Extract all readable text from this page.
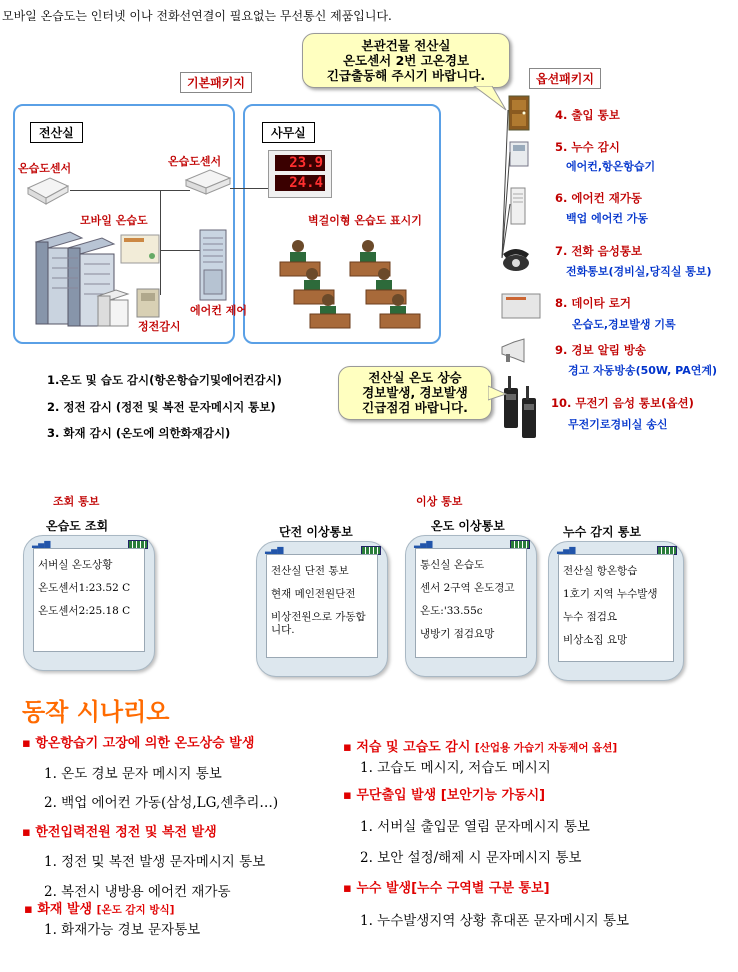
모바일 온습도는 인터넷 이나 전화선연결이 필요없는 무선통신 제품입니다.
기본패키지	옵션패키지
전산실
온습도센서
온습도센서
모바일 온습도
정전감시
에어컨 제어
사무실
23.9
24.4
벽걸이형 온습도 표시기
본관건물 전산실
온도센서 2번 고온경보
긴급출동해 주시기 바랍니다.
4. 출입 통보
5. 누수 감시
에어컨,항온항습기
6. 에어컨 재가동
백업 에어컨 가동
7. 전화 음성통보
전화통보(경비실,당직실 통보)
8. 데이타 로거
온습도,경보발생 기록
9. 경보 알림 방송
경고 자동방송(50W, PA연계)
10. 무전기 음성 통보(옵션)
무전기로경비실 송신
1.온도 및 습도 감시(항온항습기및에어컨감시)
2. 정전 감시 (정전 및 복전 문자메시지 통보)
3. 화재 감시 (온도에 의한화재감시)
전산실 온도 상승
경보발생, 경보발생
긴급점검 바랍니다.
조회 통보	이상 통보
온습도 조회
▂▄▆
서버실 온도상황
온도센서1:23.52 C
온도센서2:25.18 C
단전 이상통보
▂▄▆
전산실 단전 통보
현재 메인전원단전
비상전원으로 가동합니다.
온도 이상통보
▂▄▆
통신실 온습도
센서 2구역 온도경고
온도:'33.55c
냉방기 점검요망
누수 감지 통보
▂▄▆
전산실 항온항습
1호기 지역 누수발생
누수 점검요
비상소집 요망
동작 시나리오
▪ 항온항습기 고장에 의한 온도상승 발생
1. 온도 경보 문자 메시지 통보
2. 백업 에어컨 가동(삼성,LG,센추리…)
▪ 한전입력전원 정전 및 복전 발생
1. 정전 및 복전 발생 문자메시지 통보
2. 복전시 냉방용 에어컨 재가동
▪ 화재 발생 [온도 감지 방식]
1. 화재가능 경보 문자통보
▪ 저습 및 고습도 감시 [산업용 가습기 자동제어 옵션]
1. 고습도 메시지, 저습도 메시지
▪ 무단출입 발생 [보안기능 가동시]
1. 서버실 출입문 열림 문자메시지 통보
2. 보안 설정/해제 시 문자메시지 통보
▪ 누수 발생[누수 구역별 구분 통보]
1. 누수발생지역 상황 휴대폰 문자메시지 통보
